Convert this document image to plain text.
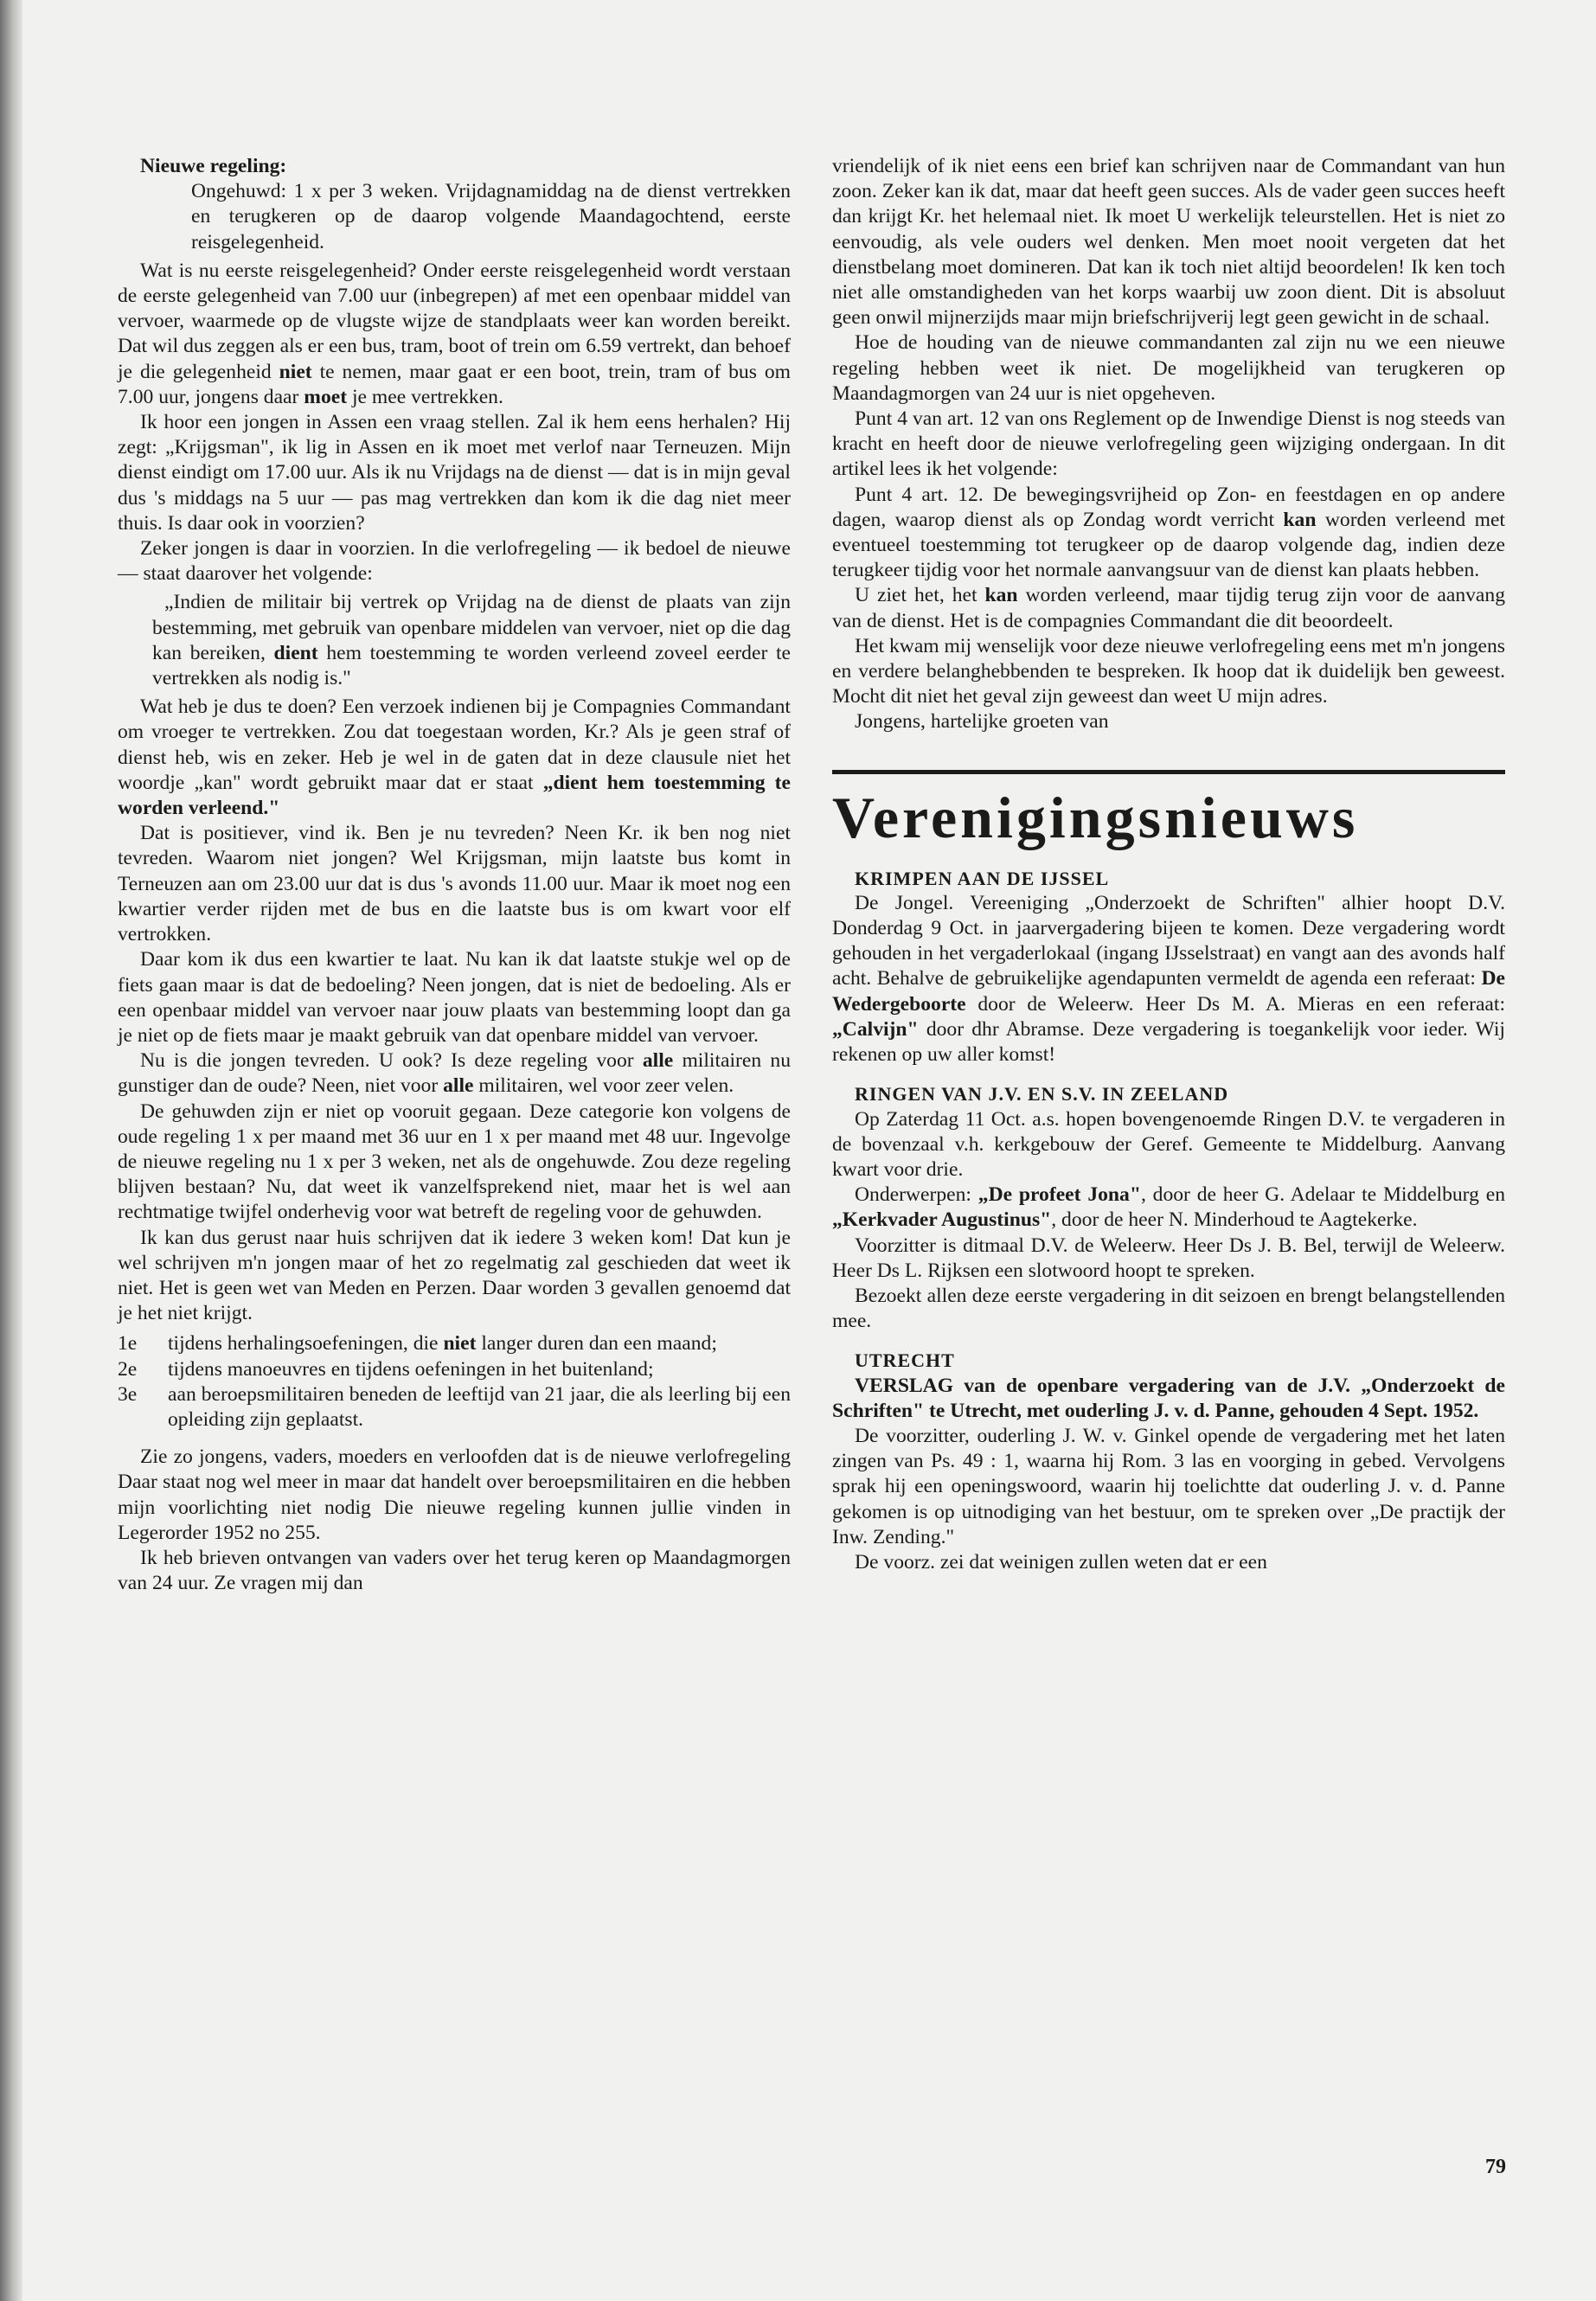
Nieuwe regeling:

Ongehuwd: 1 x per 3 weken. Vrijdagnamiddag na de dienst vertrekken en terugkeren op de daarop volgende Maandagochtend, eerste reisgelegenheid.

Wat is nu eerste reisgelegenheid? Onder eerste reisgelegenheid wordt verstaan de eerste gelegenheid van 7.00 uur (inbegrepen) af met een openbaar middel van vervoer, waarmede op de vlugste wijze de standplaats weer kan worden bereikt. Dat wil dus zeggen als er een bus, tram, boot of trein om 6.59 vertrekt, dan behoef je die gelegenheid niet te nemen, maar gaat er een boot, trein, tram of bus om 7.00 uur, jongens daar moet je mee vertrekken.

Ik hoor een jongen in Assen een vraag stellen. Zal ik hem eens herhalen? Hij zegt: „Krijgsman", ik lig in Assen en ik moet met verlof naar Terneuzen. Mijn dienst eindigt om 17.00 uur. Als ik nu Vrijdags na de dienst — dat is in mijn geval dus 's middags na 5 uur — pas mag vertrekken dan kom ik die dag niet meer thuis. Is daar ook in voorzien?

Zeker jongen is daar in voorzien. In die verlofregeling — ik bedoel de nieuwe — staat daarover het volgende:

„Indien de militair bij vertrek op Vrijdag na de dienst de plaats van zijn bestemming, met gebruik van openbare middelen van vervoer, niet op die dag kan bereiken, dient hem toestemming te worden verleend zoveel eerder te vertrekken als nodig is."

Wat heb je dus te doen? Een verzoek indienen bij je Compagnies Commandant om vroeger te vertrekken. Zou dat toegestaan worden, Kr.? Als je geen straf of dienst heb, wis en zeker. Heb je wel in de gaten dat in deze clausule niet het woordje „kan" wordt gebruikt maar dat er staat „dient hem toestemming te worden verleend."

Dat is positiever, vind ik. Ben je nu tevreden? Neen Kr. ik ben nog niet tevreden. Waarom niet jongen? Wel Krijgsman, mijn laatste bus komt in Terneuzen aan om 23.00 uur dat is dus 's avonds 11.00 uur. Maar ik moet nog een kwartier verder rijden met de bus en die laatste bus is om kwart voor elf vertrokken.

Daar kom ik dus een kwartier te laat. Nu kan ik dat laatste stukje wel op de fiets gaan maar is dat de bedoeling? Neen jongen, dat is niet de bedoeling. Als er een openbaar middel van vervoer naar jouw plaats van bestemming loopt dan ga je niet op de fiets maar je maakt gebruik van dat openbare middel van vervoer.

Nu is die jongen tevreden. U ook? Is deze regeling voor alle militairen nu gunstiger dan de oude? Neen, niet voor alle militairen, wel voor zeer velen.

De gehuwden zijn er niet op vooruit gegaan. Deze categorie kon volgens de oude regeling 1 x per maand met 36 uur en 1 x per maand met 48 uur. Ingevolge de nieuwe regeling nu 1 x per 3 weken, net als de ongehuwde. Zou deze regeling blijven bestaan? Nu, dat weet ik vanzelfsprekend niet, maar het is wel aan rechtmatige twijfel onderhevig voor wat betreft de regeling voor de gehuwden.

Ik kan dus gerust naar huis schrijven dat ik iedere 3 weken kom! Dat kun je wel schrijven m'n jongen maar of het zo regelmatig zal geschieden dat weet ik niet. Het is geen wet van Meden en Perzen. Daar worden 3 gevallen genoemd dat je het niet krijgt.

1e	tijdens herhalingsoefeningen, die niet langer duren dan een maand;
2e	tijdens manoeuvres en tijdens oefeningen in het buitenland;
3e	aan beroepsmilitairen beneden de leeftijd van 21 jaar, die als leerling bij een opleiding zijn geplaatst.

Zie zo jongens, vaders, moeders en verloofden dat is de nieuwe verlofregeling Daar staat nog wel meer in maar dat handelt over beroepsmilitairen en die hebben mijn voorlichting niet nodig Die nieuwe regeling kunnen jullie vinden in Legerorder 1952 no 255.

Ik heb brieven ontvangen van vaders over het terug keren op Maandagmorgen van 24 uur. Ze vragen mij dan

vriendelijk of ik niet eens een brief kan schrijven naar de Commandant van hun zoon. Zeker kan ik dat, maar dat heeft geen succes. Als de vader geen succes heeft dan krijgt Kr. het helemaal niet. Ik moet U werkelijk teleurstellen. Het is niet zo eenvoudig, als vele ouders wel denken. Men moet nooit vergeten dat het dienstbelang moet domineren. Dat kan ik toch niet altijd beoordelen! Ik ken toch niet alle omstandigheden van het korps waarbij uw zoon dient. Dit is absoluut geen onwil mijnerzijds maar mijn briefschrijverij legt geen gewicht in de schaal.

Hoe de houding van de nieuwe commandanten zal zijn nu we een nieuwe regeling hebben weet ik niet. De mogelijkheid van terugkeren op Maandagmorgen van 24 uur is niet opgeheven.

Punt 4 van art. 12 van ons Reglement op de Inwendige Dienst is nog steeds van kracht en heeft door de nieuwe verlofregeling geen wijziging ondergaan. In dit artikel lees ik het volgende:

Punt 4 art. 12. De bewegingsvrijheid op Zon- en feestdagen en op andere dagen, waarop dienst als op Zondag wordt verricht kan worden verleend met eventueel toestemming tot terugkeer op de daarop volgende dag, indien deze terugkeer tijdig voor het normale aanvangsuur van de dienst kan plaats hebben.

U ziet het, het kan worden verleend, maar tijdig terug zijn voor de aanvang van de dienst. Het is de compagnies Commandant die dit beoordeelt.

Het kwam mij wenselijk voor deze nieuwe verlofregeling eens met m'n jongens en verdere belanghebbenden te bespreken. Ik hoop dat ik duidelijk ben geweest. Mocht dit niet het geval zijn geweest dan weet U mijn adres.

Jongens, hartelijke groeten van

Verenigingsnieuws

KRIMPEN AAN DE IJSSEL

De Jongel. Vereeniging „Onderzoekt de Schriften" alhier hoopt D.V. Donderdag 9 Oct. in jaarvergadering bijeen te komen. Deze vergadering wordt gehouden in het vergaderlokaal (ingang IJsselstraat) en vangt aan des avonds half acht. Behalve de gebruikelijke agendapunten vermeldt de agenda een referaat: De Wedergeboorte door de Weleerw. Heer Ds M. A. Mieras en een referaat: „Calvijn" door dhr Abramse. Deze vergadering is toegankelijk voor ieder. Wij rekenen op uw aller komst!

RINGEN VAN J.V. EN S.V. IN ZEELAND

Op Zaterdag 11 Oct. a.s. hopen bovengenoemde Ringen D.V. te vergaderen in de bovenzaal v.h. kerkgebouw der Geref. Gemeente te Middelburg. Aanvang kwart voor drie.

Onderwerpen: „De profeet Jona", door de heer G. Adelaar te Middelburg en „Kerkvader Augustinus", door de heer N. Minderhoud te Aagtekerke.

Voorzitter is ditmaal D.V. de Weleerw. Heer Ds J. B. Bel, terwijl de Weleerw. Heer Ds L. Rijksen een slotwoord hoopt te spreken.

Bezoekt allen deze eerste vergadering in dit seizoen en brengt belangstellenden mee.

UTRECHT

VERSLAG van de openbare vergadering van de J.V. „Onderzoekt de Schriften" te Utrecht, met ouderling J. v. d. Panne, gehouden 4 Sept. 1952.

De voorzitter, ouderling J. W. v. Ginkel opende de vergadering met het laten zingen van Ps. 49 : 1, waarna hij Rom. 3 las en voorging in gebed. Vervolgens sprak hij een openingswoord, waarin hij toelichtte dat ouderling J. v. d. Panne gekomen is op uitnodiging van het bestuur, om te spreken over „De practijk der Inw. Zending."

De voorz. zei dat weinigen zullen weten dat er een

79
